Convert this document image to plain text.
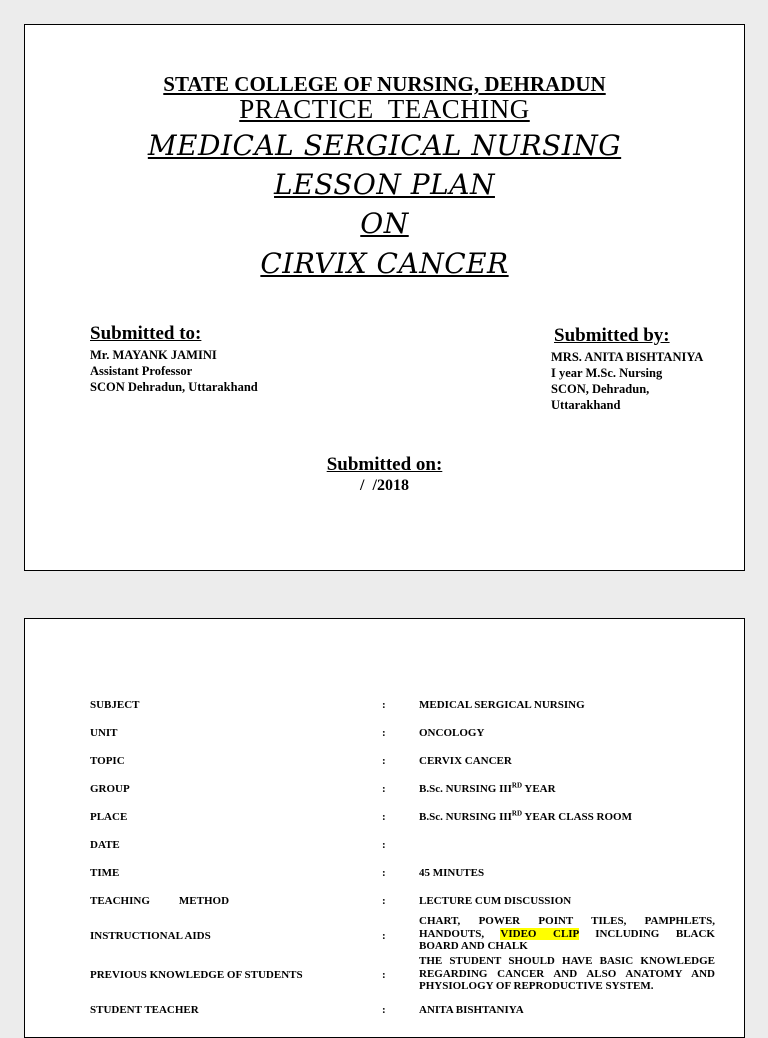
STATE COLLEGE OF NURSING, DEHRADUN
PRACTICE  TEACHING
MEDICAL SERGICAL NURSING
LESSON PLAN
ON
CIRVIX CANCER
Submitted to:
Mr. MAYANK JAMINI
Assistant Professor
SCON Dehradun, Uttarakhand
Submitted by:
MRS. ANITA BISHTANIYA
I year M.Sc. Nursing
SCON, Dehradun,
Uttarakhand
Submitted on:
/  /2018
SUBJECT	:	MEDICAL SERGICAL NURSING
UNIT	:	ONCOLOGY
TOPIC	:	CERVIX CANCER
GROUP	:	B.Sc. NURSING IIIRD YEAR
PLACE	:	B.Sc. NURSING IIIRD YEAR CLASS ROOM
DATE	:
TIME	:	45 MINUTES
TEACHING	METHOD	:	LECTURE CUM DISCUSSION
INSTRUCTIONAL AIDS	:
CHART, POWER POINT TILES, PAMPHLETS,
HANDOUTS, VIDEO CLIP INCLUDING BLACK
BOARD AND CHALK
PREVIOUS KNOWLEDGE OF STUDENTS	:
THE STUDENT SHOULD HAVE BASIC KNOWLEDGE
REGARDING CANCER AND ALSO ANATOMY AND
PHYSIOLOGY OF REPRODUCTIVE SYSTEM.
STUDENT TEACHER	:	ANITA BISHTANIYA
